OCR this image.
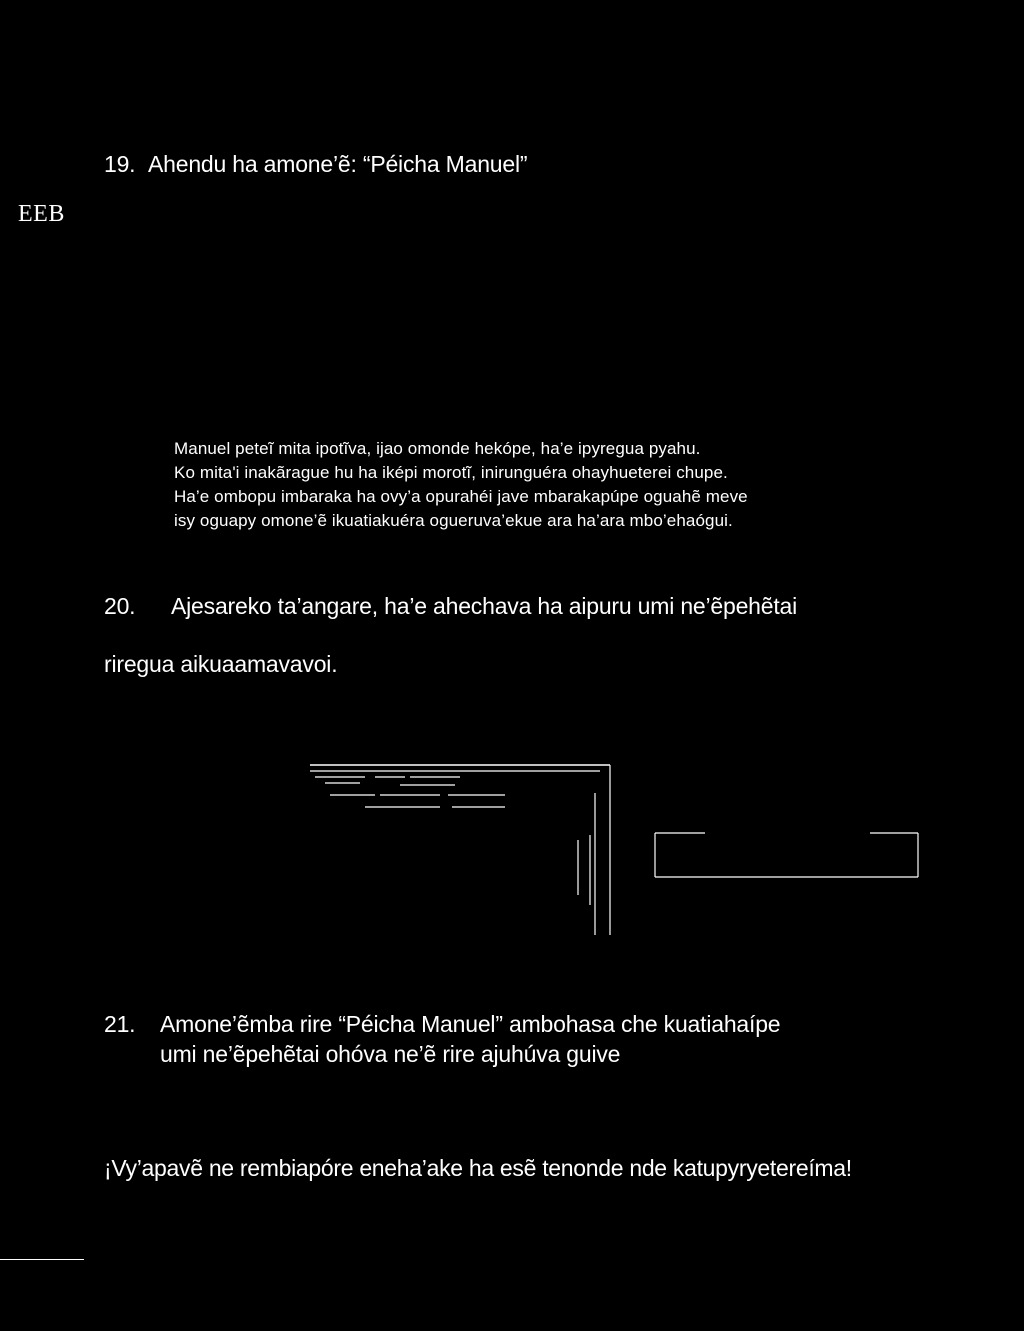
EEB
19. Ahendu ha amone’ẽ: “Péicha Manuel”
Manuel peteĩ mita ipotĩva, ijao omonde hekópe, ha’e ipyregua pyahu.
Ko mita'i inakãrague hu ha iképi morotĩ, inirunguéra ohayhueterei chupe.
Ha’e ombopu imbaraka ha ovy’a opurahéi jave mbarakapúpe oguahẽ meve
isy oguapy omone’ẽ ikuatiakuéra ogueruva’ekue ara ha’ara mbo’ehaógui.
20. Ajesareko ta’angare, ha’e ahechava ha aipuru umi ne’ẽpehẽtai
riregua aikuaamavavoi.
21. Amone’ẽmba rire “Péicha Manuel” ambohasa che kuatiahaípe
umi ne’ẽpehẽtai ohóva ne’ẽ rire ajuhúva guive
¡Vy’apavẽ ne rembiapóre eneha’ake ha esẽ tenonde nde katupyryetereíma!
